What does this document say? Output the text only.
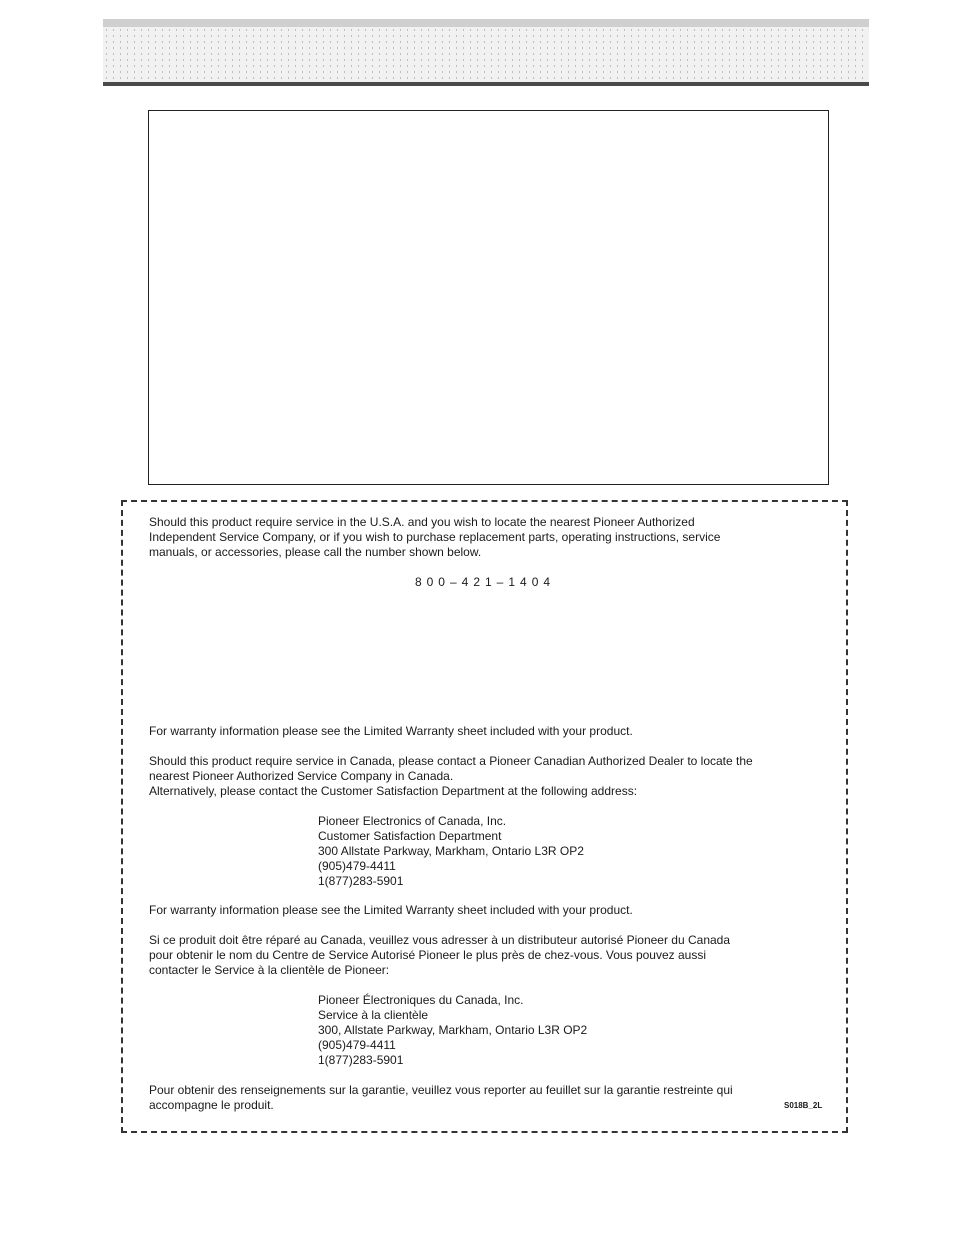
Should this product require service in the U.S.A. and you wish to locate the nearest Pioneer Authorized
Independent Service Company, or if you wish to purchase replacement parts, operating instructions, service
manuals, or accessories, please call the number shown below.

800–421–1404

For warranty information please see the Limited Warranty sheet included with your product.

Should this product require service in Canada, please contact a Pioneer Canadian Authorized Dealer to locate the
nearest Pioneer Authorized Service Company in Canada.
Alternatively, please contact the Customer Satisfaction Department at the following address:

Pioneer Electronics of Canada, Inc.
Customer Satisfaction Department
300 Allstate Parkway, Markham, Ontario L3R OP2
(905)479-4411
1(877)283-5901

For warranty information please see the Limited Warranty sheet included with your product.

Si ce produit doit être réparé au Canada, veuillez vous adresser à un distributeur autorisé Pioneer du Canada
pour obtenir le nom du Centre de Service Autorisé Pioneer le plus près de chez-vous. Vous pouvez aussi
contacter le Service à la clientèle de Pioneer:

Pioneer Électroniques du Canada, Inc.
Service à la clientèle
300, Allstate Parkway, Markham, Ontario L3R OP2
(905)479-4411
1(877)283-5901

Pour obtenir des renseignements sur la garantie, veuillez vous reporter au feuillet sur la garantie restreinte qui
accompagne le produit.	S018B_2L
